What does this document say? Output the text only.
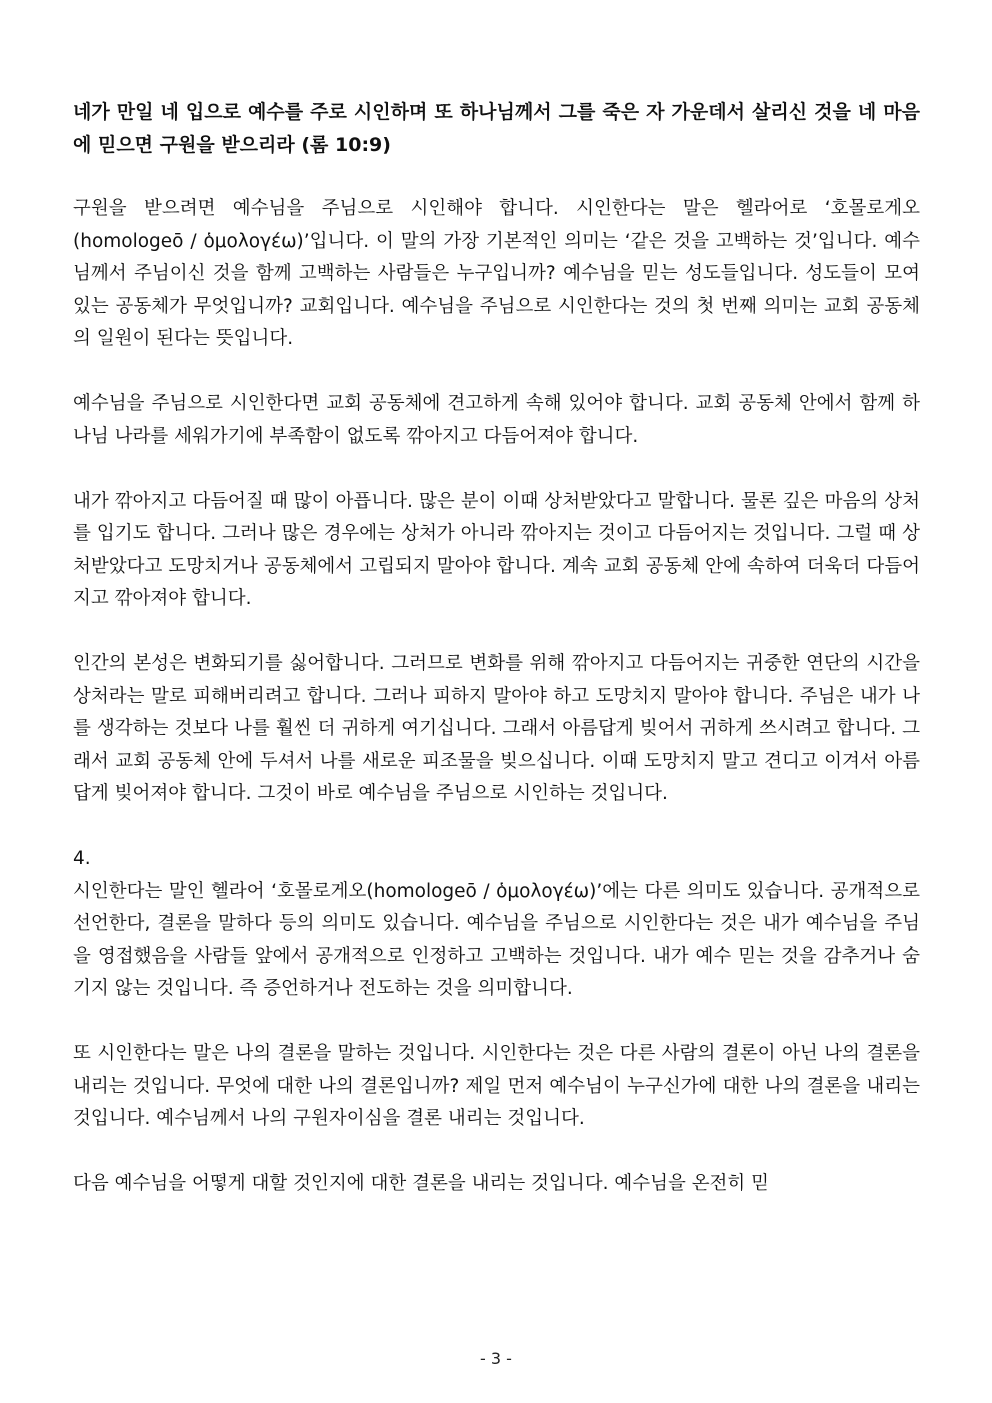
네가 만일 네 입으로 예수를 주로 시인하며 또 하나님께서 그를 죽은 자 가운데서 살리신 것을 네 마음에 믿으면 구원을 받으리라 (롬 10:9)

구원을 받으려면 예수님을 주님으로 시인해야 합니다. 시인한다는 말은 헬라어로 ‘호몰로게오(homologeō / ὁμολογέω)’입니다. 이 말의 가장 기본적인 의미는 ‘같은 것을 고백하는 것’입니다. 예수님께서 주님이신 것을 함께 고백하는 사람들은 누구입니까? 예수님을 믿는 성도들입니다. 성도들이 모여 있는 공동체가 무엇입니까? 교회입니다. 예수님을 주님으로 시인한다는 것의 첫 번째 의미는 교회 공동체의 일원이 된다는 뜻입니다.

예수님을 주님으로 시인한다면 교회 공동체에 견고하게 속해 있어야 합니다. 교회 공동체 안에서 함께 하나님 나라를 세워가기에 부족함이 없도록 깎아지고 다듬어져야 합니다.

내가 깎아지고 다듬어질 때 많이 아픕니다. 많은 분이 이때 상처받았다고 말합니다. 물론 깊은 마음의 상처를 입기도 합니다. 그러나 많은 경우에는 상처가 아니라 깎아지는 것이고 다듬어지는 것입니다. 그럴 때 상처받았다고 도망치거나 공동체에서 고립되지 말아야 합니다. 계속 교회 공동체 안에 속하여 더욱더 다듬어지고 깎아져야 합니다.

인간의 본성은 변화되기를 싫어합니다. 그러므로 변화를 위해 깎아지고 다듬어지는 귀중한 연단의 시간을 상처라는 말로 피해버리려고 합니다. 그러나 피하지 말아야 하고 도망치지 말아야 합니다. 주님은 내가 나를 생각하는 것보다 나를 훨씬 더 귀하게 여기십니다. 그래서 아름답게 빚어서 귀하게 쓰시려고 합니다. 그래서 교회 공동체 안에 두셔서 나를 새로운 피조물을 빚으십니다. 이때 도망치지 말고 견디고 이겨서 아름답게 빚어져야 합니다. 그것이 바로 예수님을 주님으로 시인하는 것입니다.

4.

시인한다는 말인 헬라어 ‘호몰로게오(homologeō / ὁμολογέω)’에는 다른 의미도 있습니다. 공개적으로 선언한다, 결론을 말하다 등의 의미도 있습니다. 예수님을 주님으로 시인한다는 것은 내가 예수님을 주님을 영접했음을 사람들 앞에서 공개적으로 인정하고 고백하는 것입니다. 내가 예수 믿는 것을 감추거나 숨기지 않는 것입니다. 즉 증언하거나 전도하는 것을 의미합니다.

또 시인한다는 말은 나의 결론을 말하는 것입니다. 시인한다는 것은 다른 사람의 결론이 아닌 나의 결론을 내리는 것입니다. 무엇에 대한 나의 결론입니까? 제일 먼저 예수님이 누구신가에 대한 나의 결론을 내리는 것입니다. 예수님께서 나의 구원자이심을 결론 내리는 것입니다.

다음 예수님을 어떻게 대할 것인지에 대한 결론을 내리는 것입니다. 예수님을 온전히 믿

- 3 -
